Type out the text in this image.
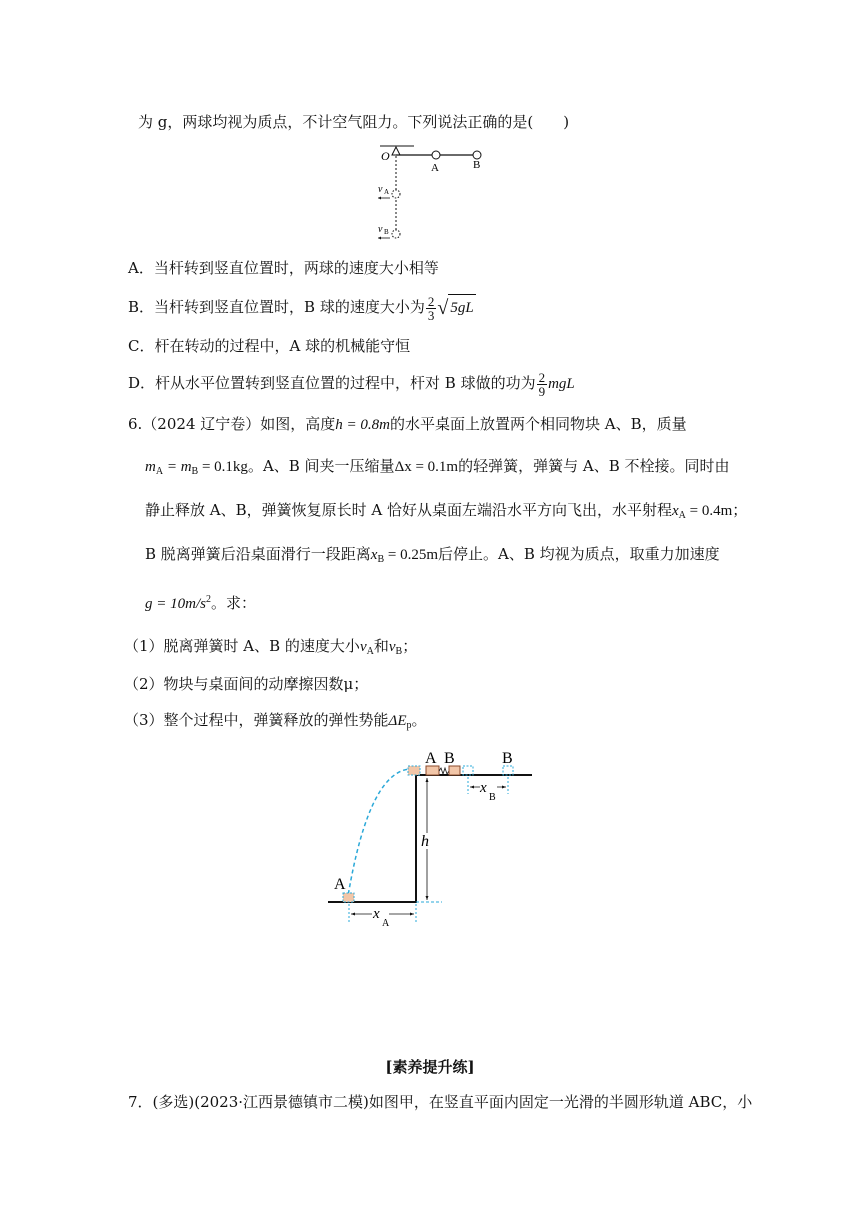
为 g，两球均视为质点，不计空气阻力。下列说法正确的是(　　)
O
A	B
v A
v B
A．当杆转到竖直位置时，两球的速度大小相等
B．当杆转到竖直位置时，B 球的速度大小为 $\frac{2}{3}$ √ 5gL
C．杆在转动的过程中，A 球的机械能守恒
D．杆从水平位置转到竖直位置的过程中，杆对 B 球做的功为 $\frac{2}{9}$ mgL
6.（2024 辽宁卷）如图，高度h = 0.8m的水平桌面上放置两个相同物块 A、B，质量
$m_A = m_B = 0.1kg$。A、B 间夹一压缩量Δx = 0.1m的轻弹簧，弹簧与 A、B 不栓接。同时由
静止释放 A、B，弹簧恢复原长时 A 恰好从桌面左端沿水平方向飞出，水平射程$x_A = 0.4m$；
B 脱离弹簧后沿桌面滑行一段距离$x_B = 0.25m$后停止。A、B 均视为质点，取重力加速度
$g = 10m/s^2$。求：
（1）脱离弹簧时 A、B 的速度大小$v_A$和$v_B$；
（2）物块与桌面间的动摩擦因数μ；
（3）整个过程中，弹簧释放的弹性势能$\Delta E_p$。
A B	B
x
B
h
A
x
A
[素养提升练]
7．(多选)(2023·江西景德镇市二模)如图甲，在竖直平面内固定一光滑的半圆形轨道 ABC，小
